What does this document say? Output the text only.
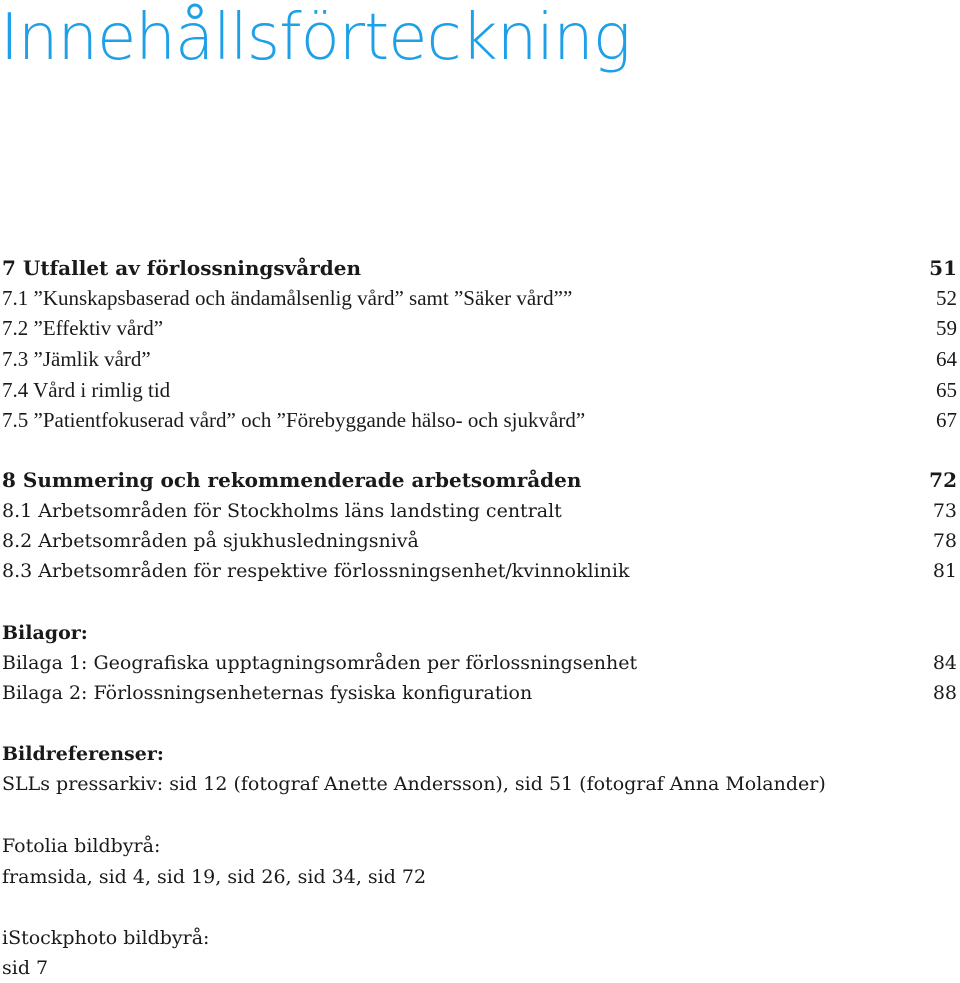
Innehållsförteckning
7 Utfallet av förlossningsvården	51
7.1 ”Kunskapsbaserad och ändamålsenlig vård” samt ”Säker vård””	52
7.2 ”Effektiv vård”	59
7.3 ”Jämlik vård”	64
7.4 Vård i rimlig tid	65
7.5 ”Patientfokuserad vård” och ”Förebyggande hälso- och sjukvård”	67
8 Summering och rekommenderade arbetsområden	72
8.1 Arbetsområden för Stockholms läns landsting centralt	73
8.2 Arbetsområden på sjukhusledningsnivå	78
8.3 Arbetsområden för respektive förlossningsenhet/kvinnoklinik	81
Bilagor:
Bilaga 1: Geografiska upptagningsområden per förlossningsenhet	84
Bilaga 2: Förlossningsenheternas fysiska konfiguration	88
Bildreferenser:
SLLs pressarkiv: sid 12 (fotograf Anette Andersson), sid 51 (fotograf Anna Molander)
Fotolia bildbyrå:
framsida, sid 4, sid 19, sid 26, sid 34, sid 72
iStockphoto bildbyrå:
sid 7
